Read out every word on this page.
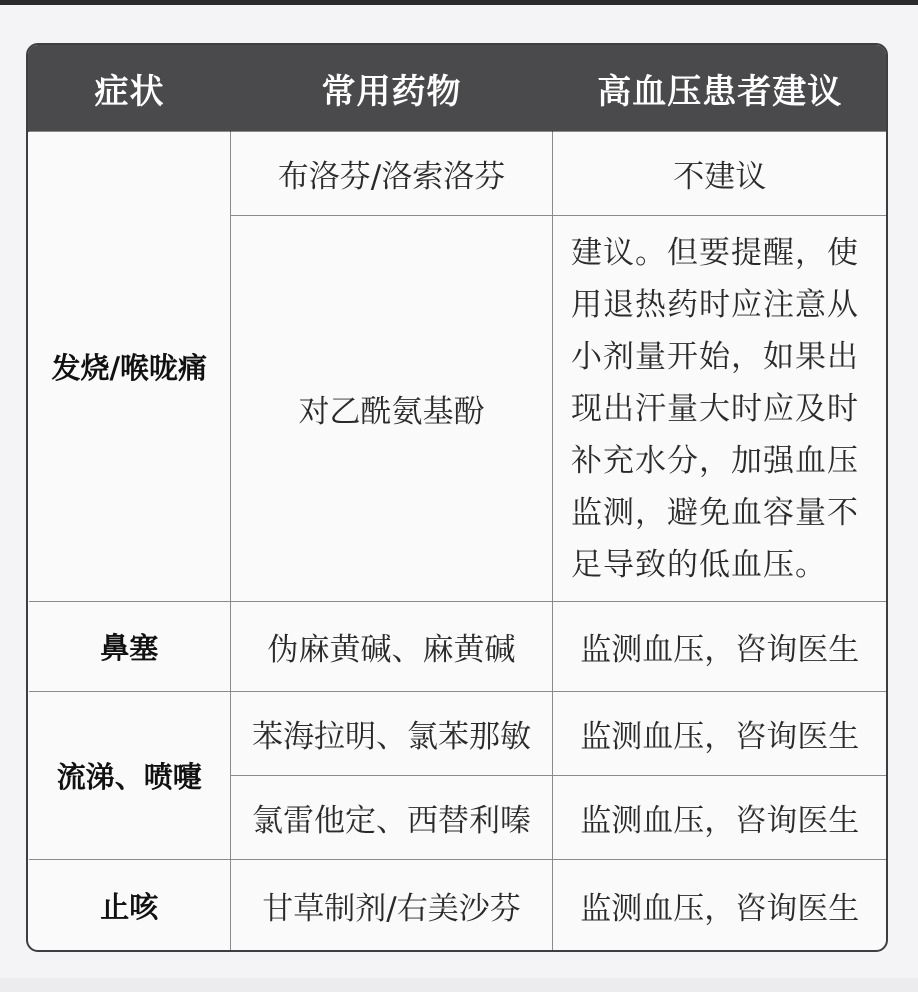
症状	常用药物	高血压患者建议
发烧/喉咙痛	布洛芬/洛索洛芬	不建议
	对乙酰氨基酚	建议。但要提醒，使用退热药时应注意从小剂量开始，如果出现出汗量大时应及时补充水分，加强血压监测，避免血容量不足导致的低血压。
鼻塞	伪麻黄碱、麻黄碱	监测血压，咨询医生
流涕、喷嚏	苯海拉明、氯苯那敏	监测血压，咨询医生
	氯雷他定、西替利嗪	监测血压，咨询医生
止咳	甘草制剂/右美沙芬	监测血压，咨询医生
